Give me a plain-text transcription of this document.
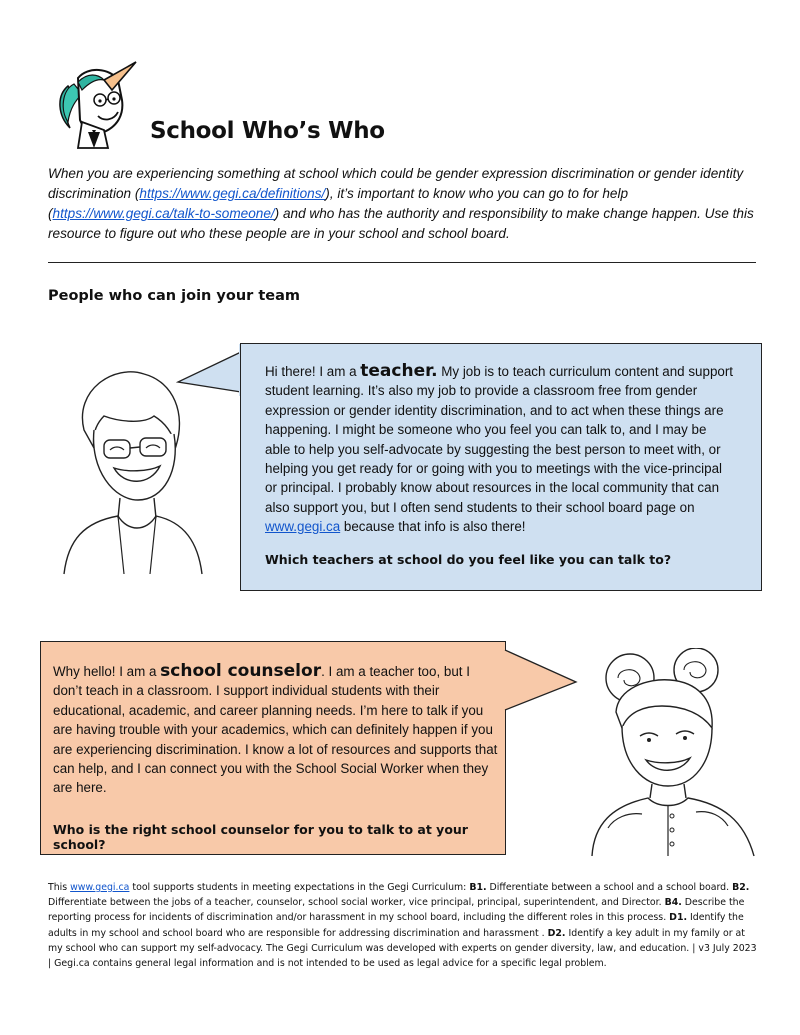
School Who’s Who
When you are experiencing something at school which could be gender expression discrimination or gender identity discrimination (https://www.gegi.ca/definitions/), it’s important to know who you can go to for help (https://www.gegi.ca/talk-to-someone/) and who has the authority and responsibility to make change happen. Use this resource to figure out who these people are in your school and school board.
People who can join your team
Hi there! I am a teacher. My job is to teach curriculum content and support student learning. It’s also my job to provide a classroom free from gender expression or gender identity discrimination, and to act when these things are happening. I might be someone who you feel you can talk to, and I may be able to help you self-advocate by suggesting the best person to meet with, or helping you get ready for or going with you to meetings with the vice-principal or principal. I probably know about resources in the local community that can also support you, but I often send students to their school board page on www.gegi.ca because that info is also there!
Which teachers at school do you feel like you can talk to?
Why hello! I am a school counselor. I am a teacher too, but I don’t teach in a classroom. I support individual students with their educational, academic, and career planning needs. I’m here to talk if you are having trouble with your academics, which can definitely happen if you are experiencing discrimination. I know a lot of resources and supports that can help, and I can connect you with the School Social Worker when they are here.
Who is the right school counselor for you to talk to at your school?
This www.gegi.ca tool supports students in meeting expectations in the Gegi Curriculum: B1. Differentiate between a school and a school board. B2. Differentiate between the jobs of a teacher, counselor, school social worker, vice principal, principal, superintendent, and Director. B4. Describe the reporting process for incidents of discrimination and/or harassment in my school board, including the different roles in this process. D1. Identify the adults in my school and school board who are responsible for addressing discrimination and harassment . D2. Identify a key adult in my family or at my school who can support my self-advocacy. The Gegi Curriculum was developed with experts on gender diversity, law, and education. | v3 July 2023 | Gegi.ca contains general legal information and is not intended to be used as legal advice for a specific legal problem.
